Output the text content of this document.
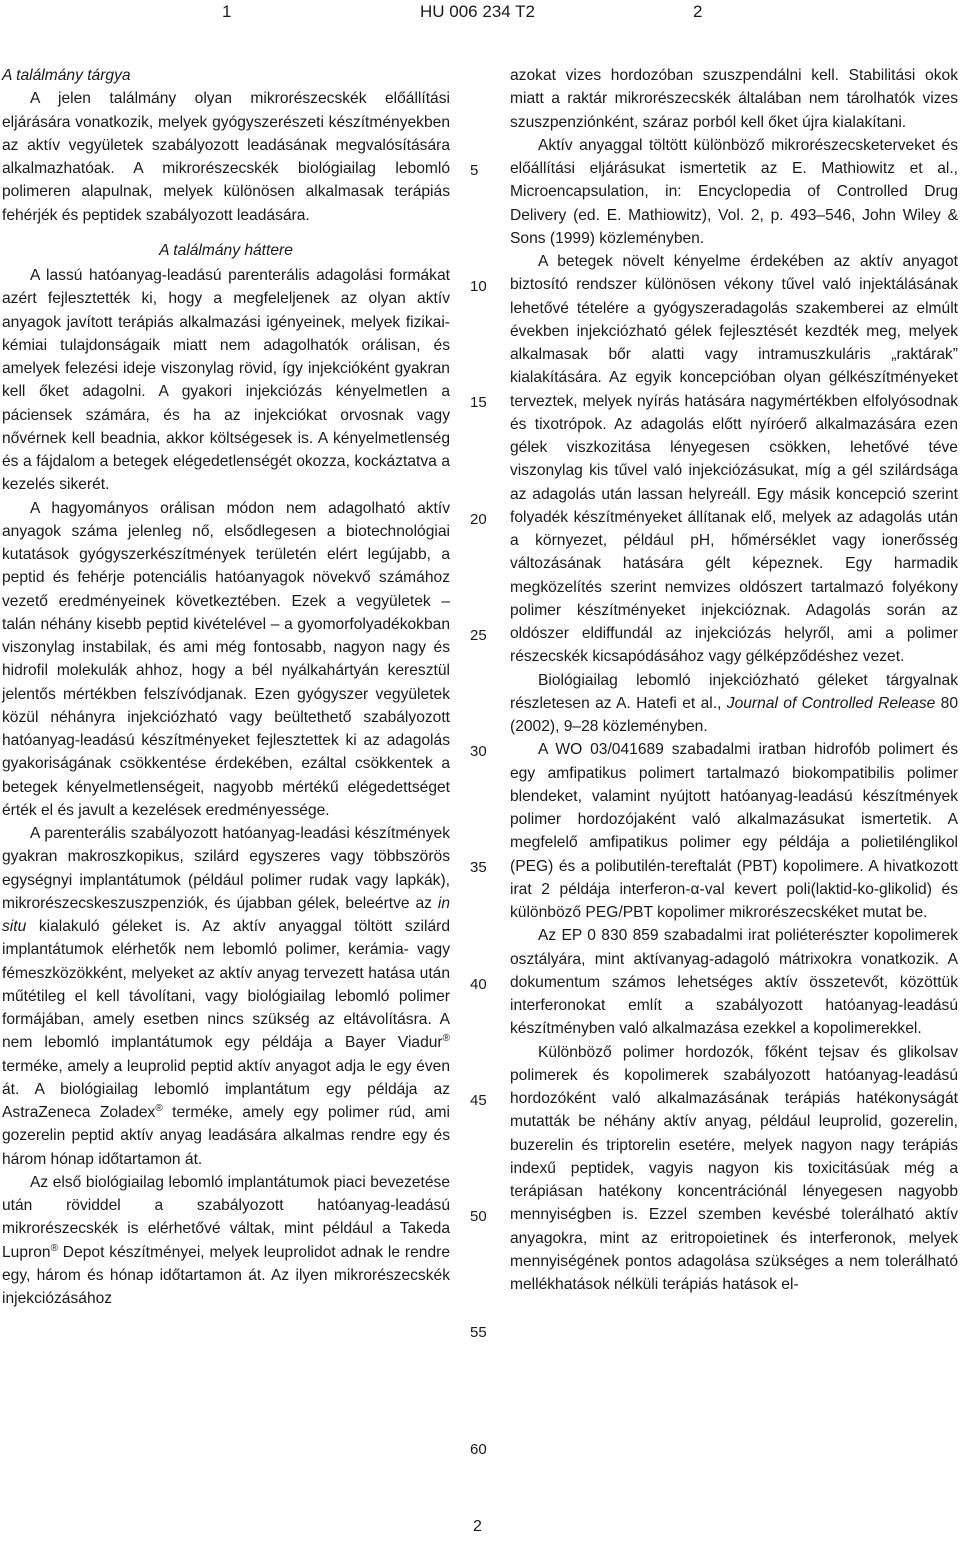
1	HU 006 234 T2	2
A találmány tárgya

A jelen találmány olyan mikrorészecskék előállítási eljárására vonatkozik, melyek gyógyszerészeti készítményekben az aktív vegyületek szabályozott leadásának megvalósítására alkalmazhatóak. A mikrorészecskék biológiailag lebomló polimeren alapulnak, melyek különösen alkalmasak terápiás fehérjék és peptidek szabályozott leadására.

A találmány háttere

A lassú hatóanyag-leadású parenterális adagolási formákat azért fejlesztették ki, hogy a megfeleljenek az olyan aktív anyagok javított terápiás alkalmazási igényeinek, melyek fizikai-kémiai tulajdonságaik miatt nem adagolhatók orálisan, és amelyek felezési ideje viszonylag rövid, így injekcióként gyakran kell őket adagolni. A gyakori injekciózás kényelmetlen a páciensek számára, és ha az injekciókat orvosnak vagy nővérnek kell beadnia, akkor költségesek is. A kényelmetlenség és a fájdalom a betegek elégedetlenségét okozza, kockáztatva a kezelés sikerét.

A hagyományos orálisan módon nem adagolható aktív anyagok száma jelenleg nő, elsődlegesen a biotechnológiai kutatások gyógyszerkészítmények területén elért legújabb, a peptid és fehérje potenciális hatóanyagok növekvő számához vezető eredményeinek következtében. Ezek a vegyületek – talán néhány kisebb peptid kivételével – a gyomorfolyadékokban viszonylag instabilak, és ami még fontosabb, nagyon nagy és hidrofil molekulák ahhoz, hogy a bél nyálkahártyán keresztül jelentős mértékben felszívódjanak. Ezen gyógyszer vegyületek közül néhányra injekciózható vagy beültethető szabályozott hatóanyag-leadású készítményeket fejlesztettek ki az adagolás gyakoriságának csökkentése érdekében, ezáltal csökkentek a betegek kényelmetlenségeit, nagyobb mértékű elégedettséget érték el és javult a kezelések eredményessége.

A parenterális szabályozott hatóanyag-leadási készítmények gyakran makroszkopikus, szilárd egyszeres vagy többszörös egységnyi implantátumok (például polimer rudak vagy lapkák), mikrorészecskeszuszpenziók, és újabban gélek, beleértve az in situ kialakuló géleket is. Az aktív anyaggal töltött szilárd implantátumok elérhetők nem lebomló polimer, kerámia- vagy fémeszközökként, melyeket az aktív anyag tervezett hatása után műtétileg el kell távolítani, vagy biológiailag lebomló polimer formájában, amely esetben nincs szükség az eltávolításra. A nem lebomló implantátumok egy példája a Bayer Viadur® terméke, amely a leuprolid peptid aktív anyagot adja le egy éven át. A biológiailag lebomló implantátum egy példája az AstraZeneca Zoladex® terméke, amely egy polimer rúd, ami gozerelin peptid aktív anyag leadására alkalmas rendre egy és három hónap időtartamon át.

Az első biológiailag lebomló implantátumok piaci bevezetése után röviddel a szabályozott hatóanyag-leadású mikrorészecskék is elérhetővé váltak, mint például a Takeda Lupron® Depot készítményei, melyek leuprolidot adnak le rendre egy, három és hónap időtartamon át. Az ilyen mikrorészecskék injekciózásához

5
10
15
20
25
30
35
40
45
50
55
60

azokat vizes hordozóban szuszpendálni kell. Stabilitási okok miatt a raktár mikrorészecskék általában nem tárolhatók vizes szuszpenziónként, száraz porból kell őket újra kialakítani.

Aktív anyaggal töltött különböző mikrorészecsketerveket és előállítási eljárásukat ismertetik az E. Mathiowitz et al., Microencapsulation, in: Encyclopedia of Controlled Drug Delivery (ed. E. Mathiowitz), Vol. 2, p. 493–546, John Wiley & Sons (1999) közleményben.

A betegek növelt kényelme érdekében az aktív anyagot biztosító rendszer különösen vékony tűvel való injektálásának lehetővé tételére a gyógyszeradagolás szakemberei az elmúlt években injekciózható gélek fejlesztését kezdték meg, melyek alkalmasak bőr alatti vagy intramuszkuláris „raktárak” kialakítására. Az egyik koncepcióban olyan gélkészítményeket terveztek, melyek nyírás hatására nagymértékben elfolyósodnak és tixotrópok. Az adagolás előtt nyíróerő alkalmazására ezen gélek viszkozitása lényegesen csökken, lehetővé téve viszonylag kis tűvel való injekciózásukat, míg a gél szilárdsága az adagolás után lassan helyreáll. Egy másik koncepció szerint folyadék készítményeket állítanak elő, melyek az adagolás után a környezet, például pH, hőmérséklet vagy ionerősség változásának hatására gélt képeznek. Egy harmadik megközelítés szerint nemvizes oldószert tartalmazó folyékony polimer készítményeket injekcióznak. Adagolás során az oldószer eldiffundál az injekciózás helyről, ami a polimer részecskék kicsapódásához vagy gélképződéshez vezet.

Biológiailag lebomló injekciózható géleket tárgyalnak részletesen az A. Hatefi et al., Journal of Controlled Release 80 (2002), 9–28 közleményben.

A WO 03/041689 szabadalmi iratban hidrofób polimert és egy amfipatikus polimert tartalmazó biokompatibilis polimer blendeket, valamint nyújtott hatóanyag-leadású készítmények polimer hordozójaként való alkalmazásukat ismertetik. A megfelelő amfipatikus polimer egy példája a polietilénglikol (PEG) és a polibutilén-tereftalát (PBT) kopolimere. A hivatkozott irat 2 példája interferon-α-val kevert poli(laktid-ko-glikolid) és különböző PEG/PBT kopolimer mikrorészecskéket mutat be.

Az EP 0 830 859 szabadalmi irat poliéterészter kopolimerek osztályára, mint aktívanyag-adagoló mátrixokra vonatkozik. A dokumentum számos lehetséges aktív összetevőt, közöttük interferonokat említ a szabályozott hatóanyag-leadású készítményben való alkalmazása ezekkel a kopolimerekkel.

Különböző polimer hordozók, főként tejsav és glikolsav polimerek és kopolimerek szabályozott hatóanyag-leadású hordozóként való alkalmazásának terápiás hatékonyságát mutatták be néhány aktív anyag, például leuprolid, gozerelin, buzerelin és triptorelin esetére, melyek nagyon nagy terápiás indexű peptidek, vagyis nagyon kis toxicitásúak még a terápiásan hatékony koncentrációnál lényegesen nagyobb mennyiségben is. Ezzel szemben kevésbé tolerálható aktív anyagokra, mint az eritropoietinek és interferonok, melyek mennyiségének pontos adagolása szükséges a nem tolerálható mellékhatások nélküli terápiás hatások el-

2
